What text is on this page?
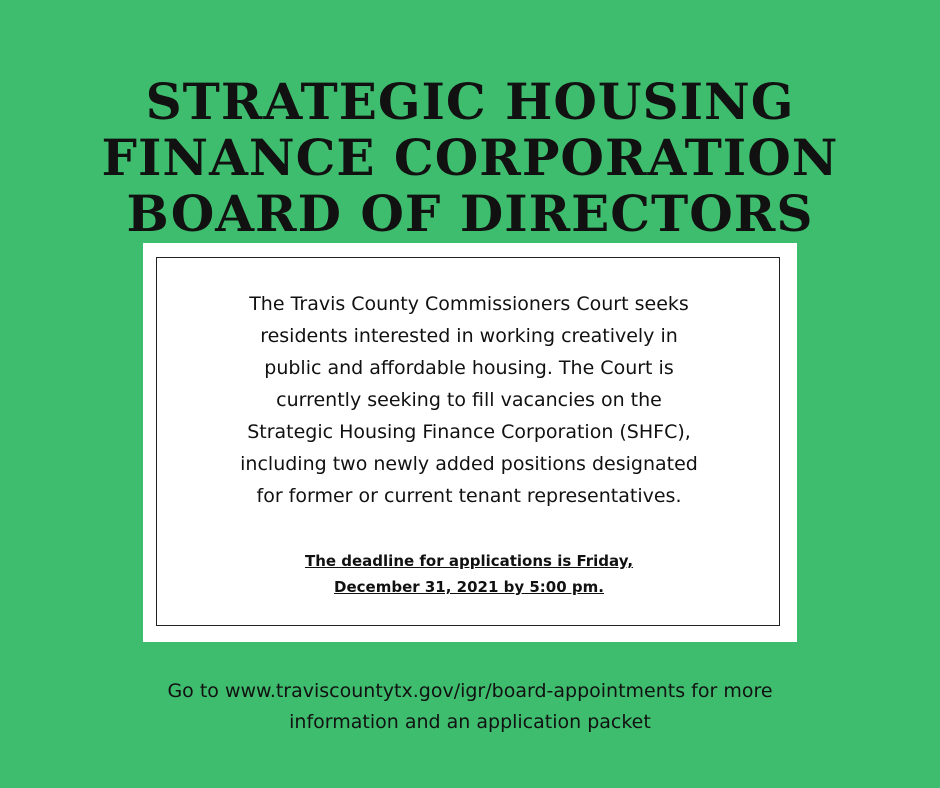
STRATEGIC HOUSING
FINANCE CORPORATION
BOARD OF DIRECTORS
The Travis County Commissioners Court seeks
residents interested in working creatively in
public and affordable housing. The Court is
currently seeking to fill vacancies on the
Strategic Housing Finance Corporation (SHFC),
including two newly added positions designated
for former or current tenant representatives.
The deadline for applications is Friday,
December 31, 2021 by 5:00 pm.
Go to www.traviscountytx.gov/igr/board-appointments for more
information and an application packet
